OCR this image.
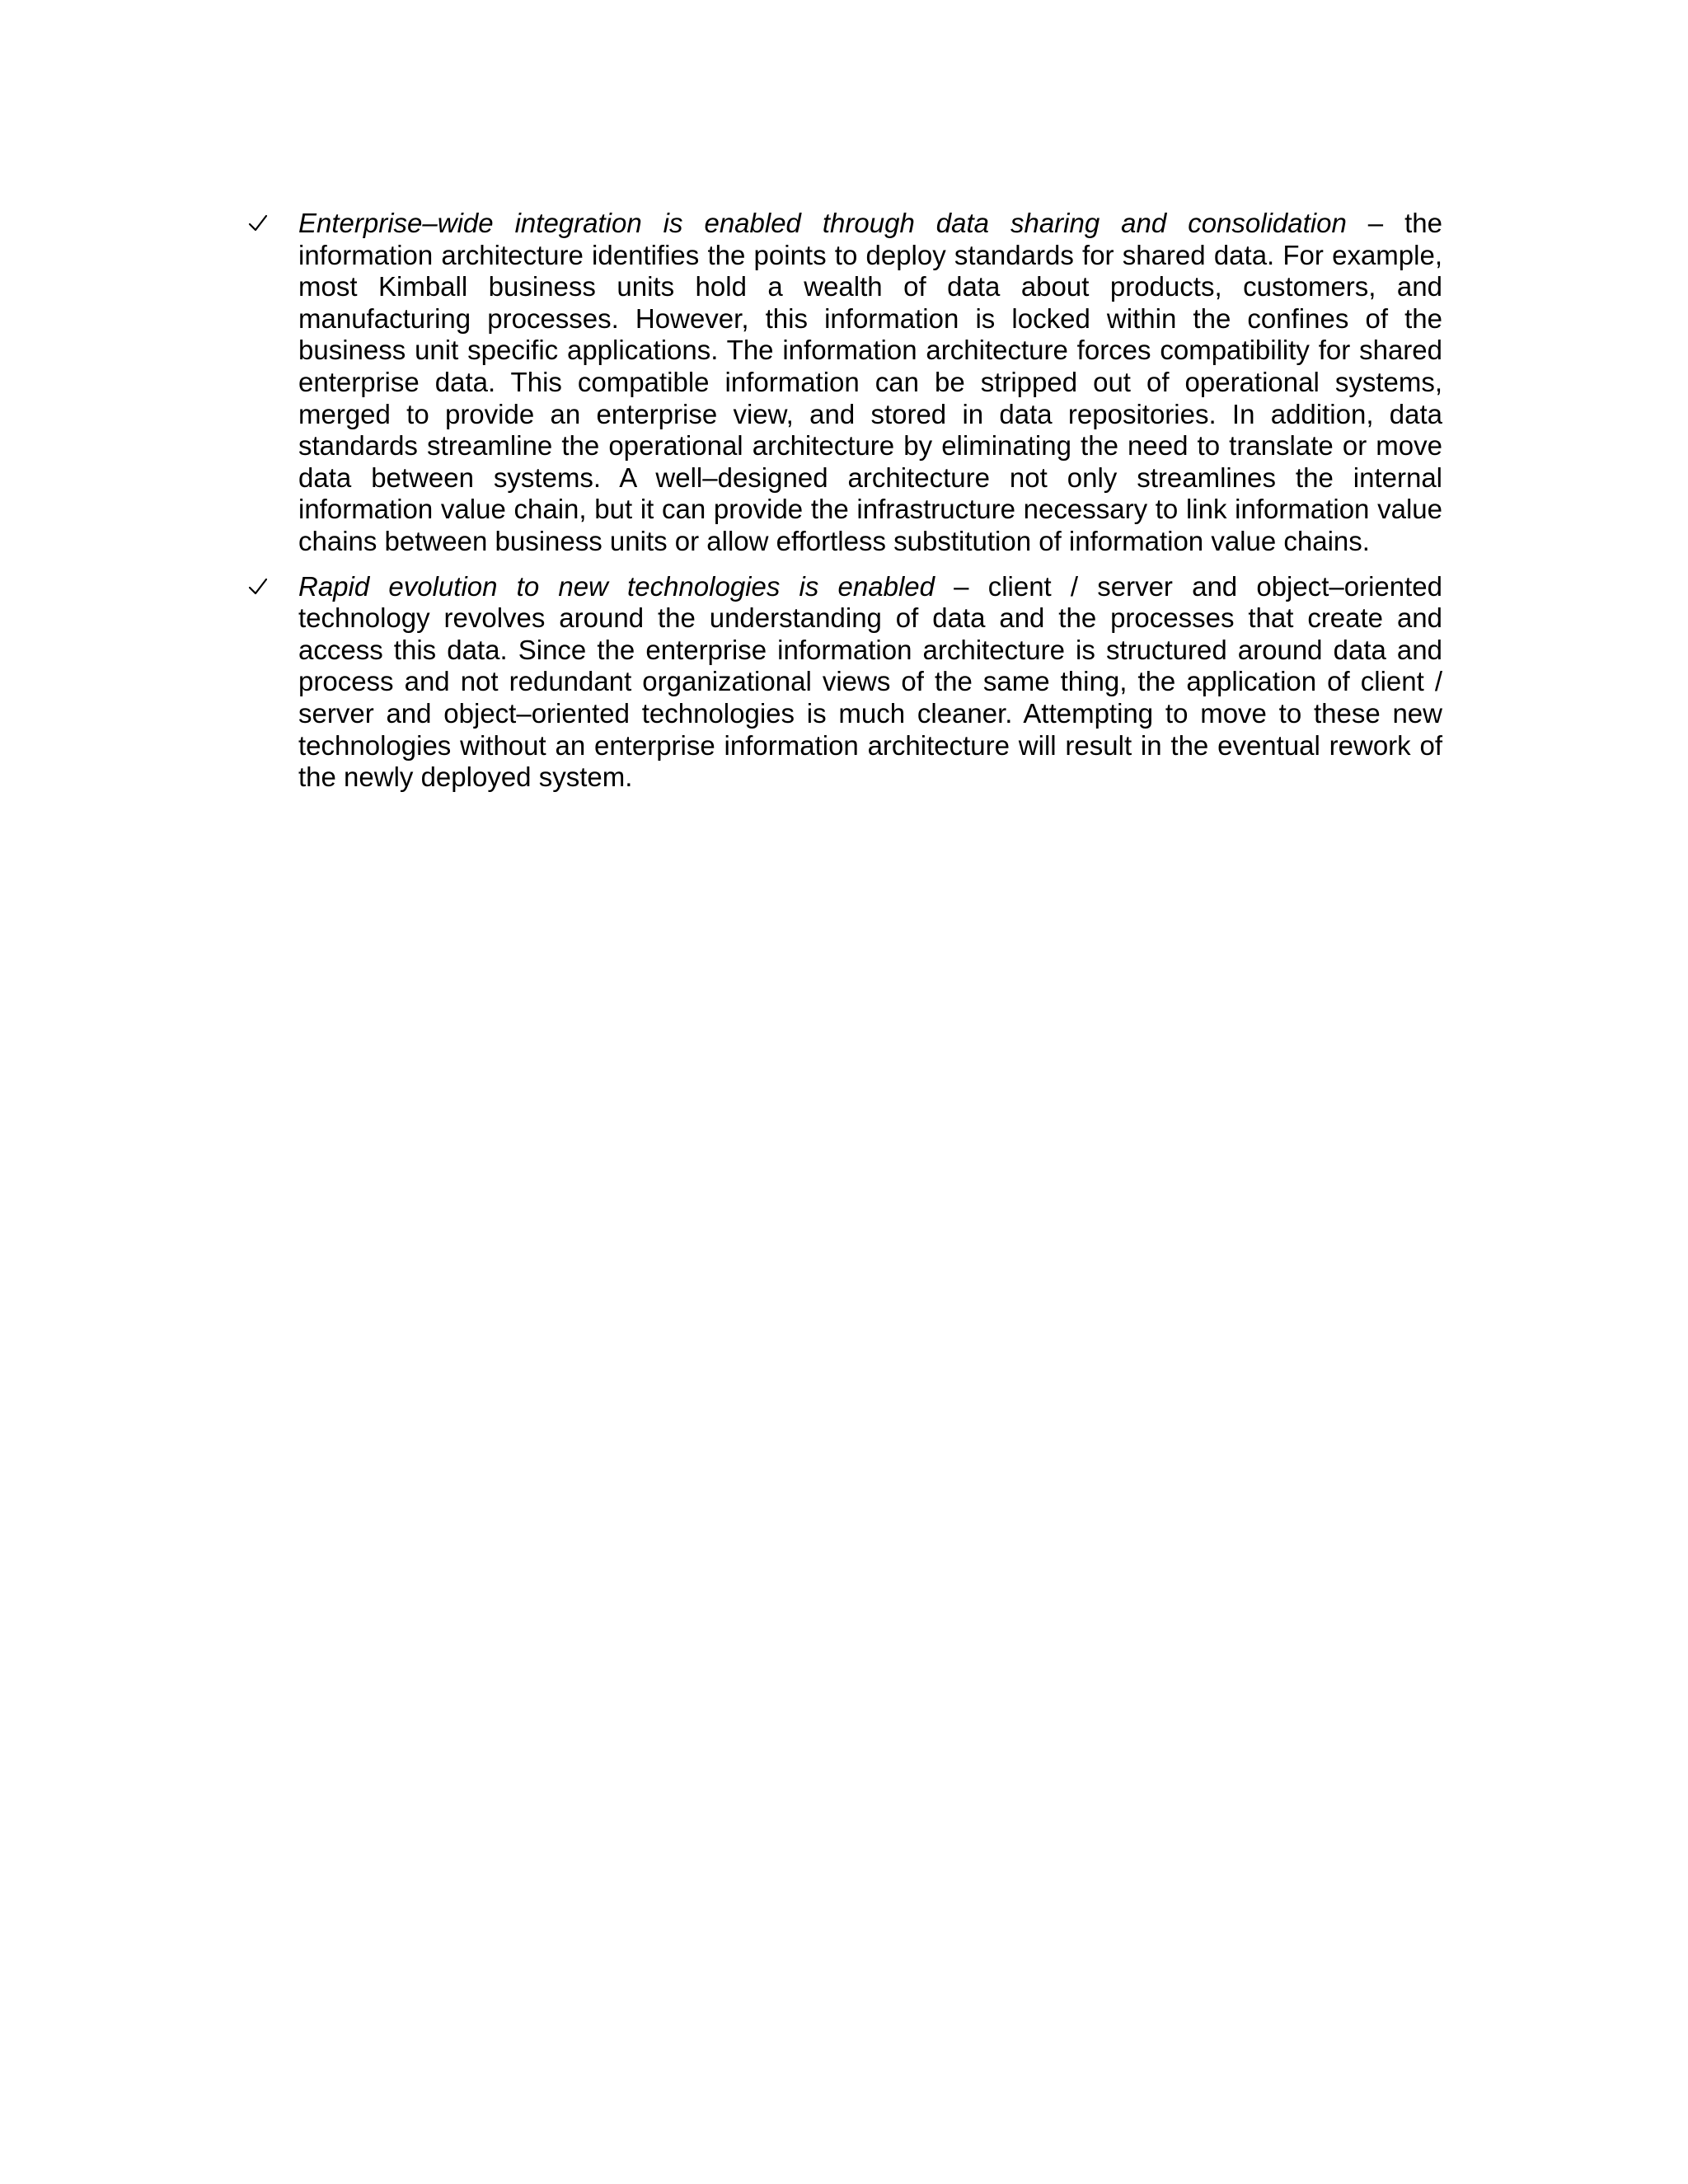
Enterprise–wide integration is enabled through data sharing and consolidation – the information architecture identifies the points to deploy standards for shared data. For example, most Kimball business units hold a wealth of data about products, customers, and manufacturing processes. However, this information is locked within the confines of the business unit specific applications. The information architecture forces compatibility for shared enterprise data. This compatible information can be stripped out of operational systems, merged to provide an enterprise view, and stored in data repositories. In addition, data standards streamline the operational architecture by eliminating the need to translate or move data between systems. A well–designed architecture not only streamlines the internal information value chain, but it can provide the infrastructure necessary to link information value chains between business units or allow effortless substitution of information value chains.
Rapid evolution to new technologies is enabled – client / server and object–oriented technology revolves around the understanding of data and the processes that create and access this data. Since the enterprise information architecture is structured around data and process and not redundant organizational views of the same thing, the application of client / server and object–oriented technologies is much cleaner. Attempting to move to these new technologies without an enterprise information architecture will result in the eventual rework of the newly deployed system.
